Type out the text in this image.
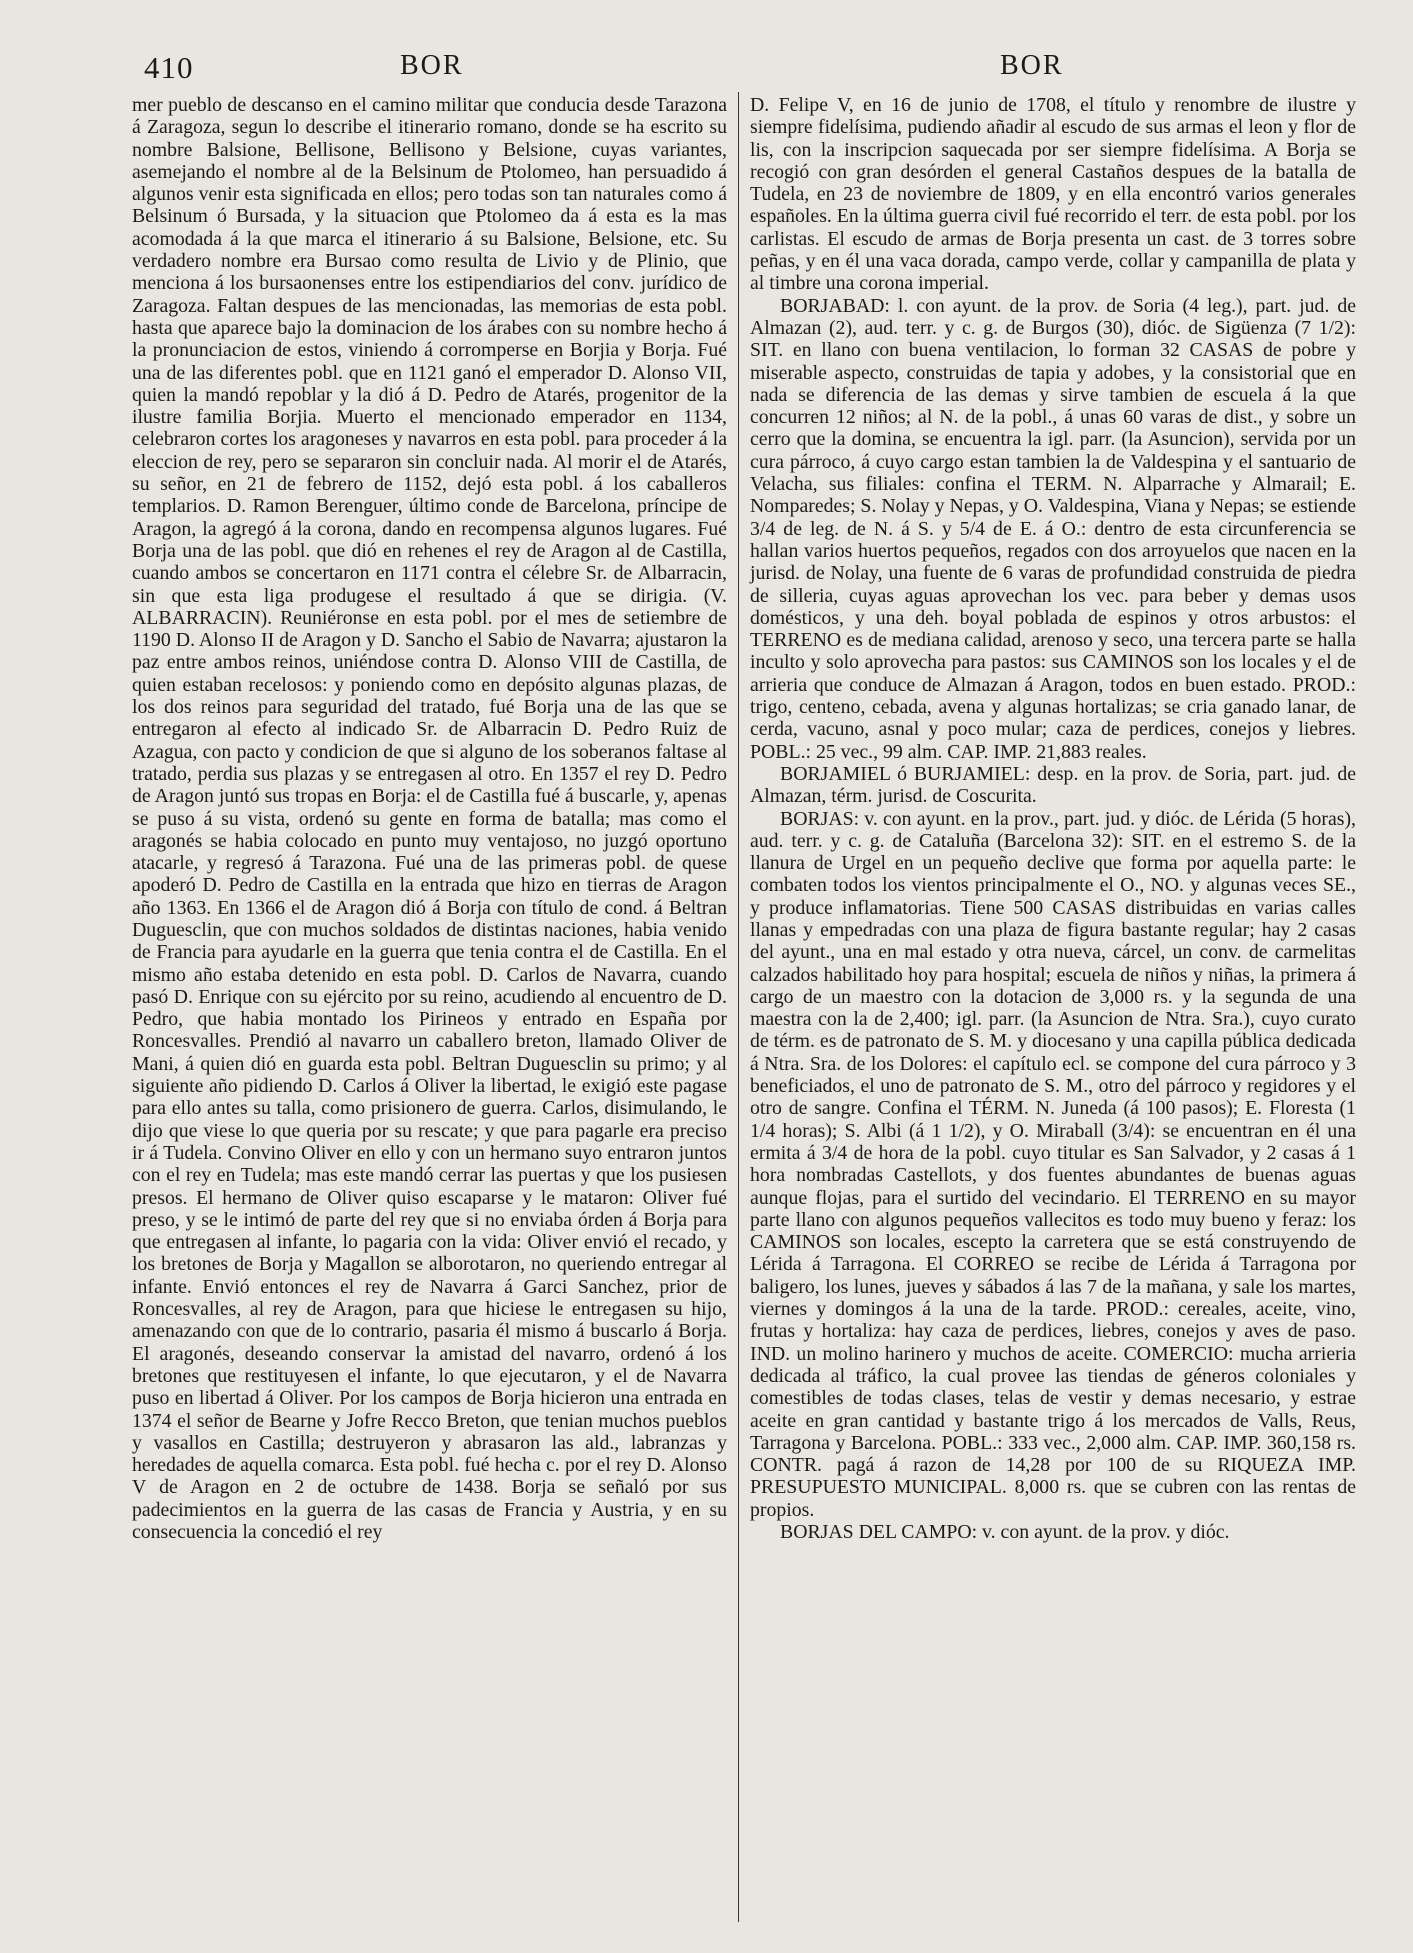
410	BOR	BOR

mer pueblo de descanso en el camino militar que conducia desde Tarazona á Zaragoza, segun lo describe el itinerario romano, donde se ha escrito su nombre Balsione, Bellisone, Bellisono y Belsione, cuyas variantes, asemejando el nombre al de la Belsinum de Ptolomeo, han persuadido á algunos venir esta significada en ellos; pero todas son tan naturales como á Belsinum ó Bursada, y la situacion que Ptolomeo da á esta es la mas acomodada á la que marca el itinerario á su Balsione, Belsione, etc. Su verdadero nombre era Bursao como resulta de Livio y de Plinio, que menciona á los bursaonenses entre los estipendiarios del conv. jurídico de Zaragoza. Faltan despues de las mencionadas, las memorias de esta pobl. hasta que aparece bajo la dominacion de los árabes con su nombre hecho á la pronunciacion de estos, viniendo á corromperse en Borjia y Borja. Fué una de las diferentes pobl. que en 1121 ganó el emperador D. Alonso VII, quien la mandó repoblar y la dió á D. Pedro de Atarés, progenitor de la ilustre familia Borjia. Muerto el mencionado emperador en 1134, celebraron cortes los aragoneses y navarros en esta pobl. para proceder á la eleccion de rey, pero se separaron sin concluir nada. Al morir el de Atarés, su señor, en 21 de febrero de 1152, dejó esta pobl. á los caballeros templarios. D. Ramon Berenguer, último conde de Barcelona, príncipe de Aragon, la agregó á la corona, dando en recompensa algunos lugares. Fué Borja una de las pobl. que dió en rehenes el rey de Aragon al de Castilla, cuando ambos se concertaron en 1171 contra el célebre Sr. de Albarracin, sin que esta liga produgese el resultado á que se dirigia. (V. ALBARRACIN). Reuniéronse en esta pobl. por el mes de setiembre de 1190 D. Alonso II de Aragon y D. Sancho el Sabio de Navarra; ajustaron la paz entre ambos reinos, uniéndose contra D. Alonso VIII de Castilla, de quien estaban recelosos: y poniendo como en depósito algunas plazas, de los dos reinos para seguridad del tratado, fué Borja una de las que se entregaron al efecto al indicado Sr. de Albarracin D. Pedro Ruiz de Azagua, con pacto y condicion de que si alguno de los soberanos faltase al tratado, perdia sus plazas y se entregasen al otro. En 1357 el rey D. Pedro de Aragon juntó sus tropas en Borja: el de Castilla fué á buscarle, y, apenas se puso á su vista, ordenó su gente en forma de batalla; mas como el aragonés se habia colocado en punto muy ventajoso, no juzgó oportuno atacarle, y regresó á Tarazona. Fué una de las primeras pobl. de quese apoderó D. Pedro de Castilla en la entrada que hizo en tierras de Aragon año 1363. En 1366 el de Aragon dió á Borja con título de cond. á Beltran Duguesclin, que con muchos soldados de distintas naciones, habia venido de Francia para ayudarle en la guerra que tenia contra el de Castilla. En el mismo año estaba detenido en esta pobl. D. Carlos de Navarra, cuando pasó D. Enrique con su ejército por su reino, acudiendo al encuentro de D. Pedro, que habia montado los Pirineos y entrado en España por Roncesvalles. Prendió al navarro un caballero breton, llamado Oliver de Mani, á quien dió en guarda esta pobl. Beltran Duguesclin su primo; y al siguiente año pidiendo D. Carlos á Oliver la libertad, le exigió este pagase para ello antes su talla, como prisionero de guerra. Carlos, disimulando, le dijo que viese lo que queria por su rescate; y que para pagarle era preciso ir á Tudela. Convino Oliver en ello y con un hermano suyo entraron juntos con el rey en Tudela; mas este mandó cerrar las puertas y que los pusiesen presos. El hermano de Oliver quiso escaparse y le mataron: Oliver fué preso, y se le intimó de parte del rey que si no enviaba órden á Borja para que entregasen al infante, lo pagaria con la vida: Oliver envió el recado, y los bretones de Borja y Magallon se alborotaron, no queriendo entregar al infante. Envió entonces el rey de Navarra á Garci Sanchez, prior de Roncesvalles, al rey de Aragon, para que hiciese le entregasen su hijo, amenazando con que de lo contrario, pasaria él mismo á buscarlo á Borja. El aragonés, deseando conservar la amistad del navarro, ordenó á los bretones que restituyesen el infante, lo que ejecutaron, y el de Navarra puso en libertad á Oliver. Por los campos de Borja hicieron una entrada en 1374 el señor de Bearne y Jofre Recco Breton, que tenian muchos pueblos y vasallos en Castilla; destruyeron y abrasaron las ald., labranzas y heredades de aquella comarca. Esta pobl. fué hecha c. por el rey D. Alonso V de Aragon en 2 de octubre de 1438. Borja se señaló por sus padecimientos en la guerra de las casas de Francia y Austria, y en su consecuencia la concedió el rey

D. Felipe V, en 16 de junio de 1708, el título y renombre de ilustre y siempre fidelísima, pudiendo añadir al escudo de sus armas el leon y flor de lis, con la inscripcion saquecada por ser siempre fidelísima. A Borja se recogió con gran desórden el general Castaños despues de la batalla de Tudela, en 23 de noviembre de 1809, y en ella encontró varios generales españoles. En la última guerra civil fué recorrido el terr. de esta pobl. por los carlistas. El escudo de armas de Borja presenta un cast. de 3 torres sobre peñas, y en él una vaca dorada, campo verde, collar y campanilla de plata y al timbre una corona imperial.

BORJABAD: l. con ayunt. de la prov. de Soria (4 leg.), part. jud. de Almazan (2), aud. terr. y c. g. de Burgos (30), dióc. de Sigüenza (7 1/2): SIT. en llano con buena ventilacion, lo forman 32 CASAS de pobre y miserable aspecto, construidas de tapia y adobes, y la consistorial que en nada se diferencia de las demas y sirve tambien de escuela á la que concurren 12 niños; al N. de la pobl., á unas 60 varas de dist., y sobre un cerro que la domina, se encuentra la igl. parr. (la Asuncion), servida por un cura párroco, á cuyo cargo estan tambien la de Valdespina y el santuario de Velacha, sus filiales: confina el TERM. N. Alparrache y Almarail; E. Nomparedes; S. Nolay y Nepas, y O. Valdespina, Viana y Nepas; se estiende 3/4 de leg. de N. á S. y 5/4 de E. á O.: dentro de esta circunferencia se hallan varios huertos pequeños, regados con dos arroyuelos que nacen en la jurisd. de Nolay, una fuente de 6 varas de profundidad construida de piedra de silleria, cuyas aguas aprovechan los vec. para beber y demas usos domésticos, y una deh. boyal poblada de espinos y otros arbustos: el TERRENO es de mediana calidad, arenoso y seco, una tercera parte se halla inculto y solo aprovecha para pastos: sus CAMINOS son los locales y el de arrieria que conduce de Almazan á Aragon, todos en buen estado. PROD.: trigo, centeno, cebada, avena y algunas hortalizas; se cria ganado lanar, de cerda, vacuno, asnal y poco mular; caza de perdices, conejos y liebres. POBL.: 25 vec., 99 alm. CAP. IMP. 21,883 reales.

BORJAMIEL ó BURJAMIEL: desp. en la prov. de Soria, part. jud. de Almazan, térm. jurisd. de Coscurita.

BORJAS: v. con ayunt. en la prov., part. jud. y dióc. de Lérida (5 horas), aud. terr. y c. g. de Cataluña (Barcelona 32): SIT. en el estremo S. de la llanura de Urgel en un pequeño declive que forma por aquella parte: le combaten todos los vientos principalmente el O., NO. y algunas veces SE., y produce inflamatorias. Tiene 500 CASAS distribuidas en varias calles llanas y empedradas con una plaza de figura bastante regular; hay 2 casas del ayunt., una en mal estado y otra nueva, cárcel, un conv. de carmelitas calzados habilitado hoy para hospital; escuela de niños y niñas, la primera á cargo de un maestro con la dotacion de 3,000 rs. y la segunda de una maestra con la de 2,400; igl. parr. (la Asuncion de Ntra. Sra.), cuyo curato de térm. es de patronato de S. M. y diocesano y una capilla pública dedicada á Ntra. Sra. de los Dolores: el capítulo ecl. se compone del cura párroco y 3 beneficiados, el uno de patronato de S. M., otro del párroco y regidores y el otro de sangre. Confina el TÉRM. N. Juneda (á 100 pasos); E. Floresta (1 1/4 horas); S. Albi (á 1 1/2), y O. Miraball (3/4): se encuentran en él una ermita á 3/4 de hora de la pobl. cuyo titular es San Salvador, y 2 casas á 1 hora nombradas Castellots, y dos fuentes abundantes de buenas aguas aunque flojas, para el surtido del vecindario. El TERRENO en su mayor parte llano con algunos pequeños vallecitos es todo muy bueno y feraz: los CAMINOS son locales, escepto la carretera que se está construyendo de Lérida á Tarragona. El CORREO se recibe de Lérida á Tarragona por baligero, los lunes, jueves y sábados á las 7 de la mañana, y sale los martes, viernes y domingos á la una de la tarde. PROD.: cereales, aceite, vino, frutas y hortaliza: hay caza de perdices, liebres, conejos y aves de paso. IND. un molino harinero y muchos de aceite. COMERCIO: mucha arrieria dedicada al tráfico, la cual provee las tiendas de géneros coloniales y comestibles de todas clases, telas de vestir y demas necesario, y estrae aceite en gran cantidad y bastante trigo á los mercados de Valls, Reus, Tarragona y Barcelona. POBL.: 333 vec., 2,000 alm. CAP. IMP. 360,158 rs. CONTR. pagá á razon de 14,28 por 100 de su RIQUEZA IMP. PRESUPUESTO MUNICIPAL. 8,000 rs. que se cubren con las rentas de propios.

BORJAS DEL CAMPO: v. con ayunt. de la prov. y dióc.
